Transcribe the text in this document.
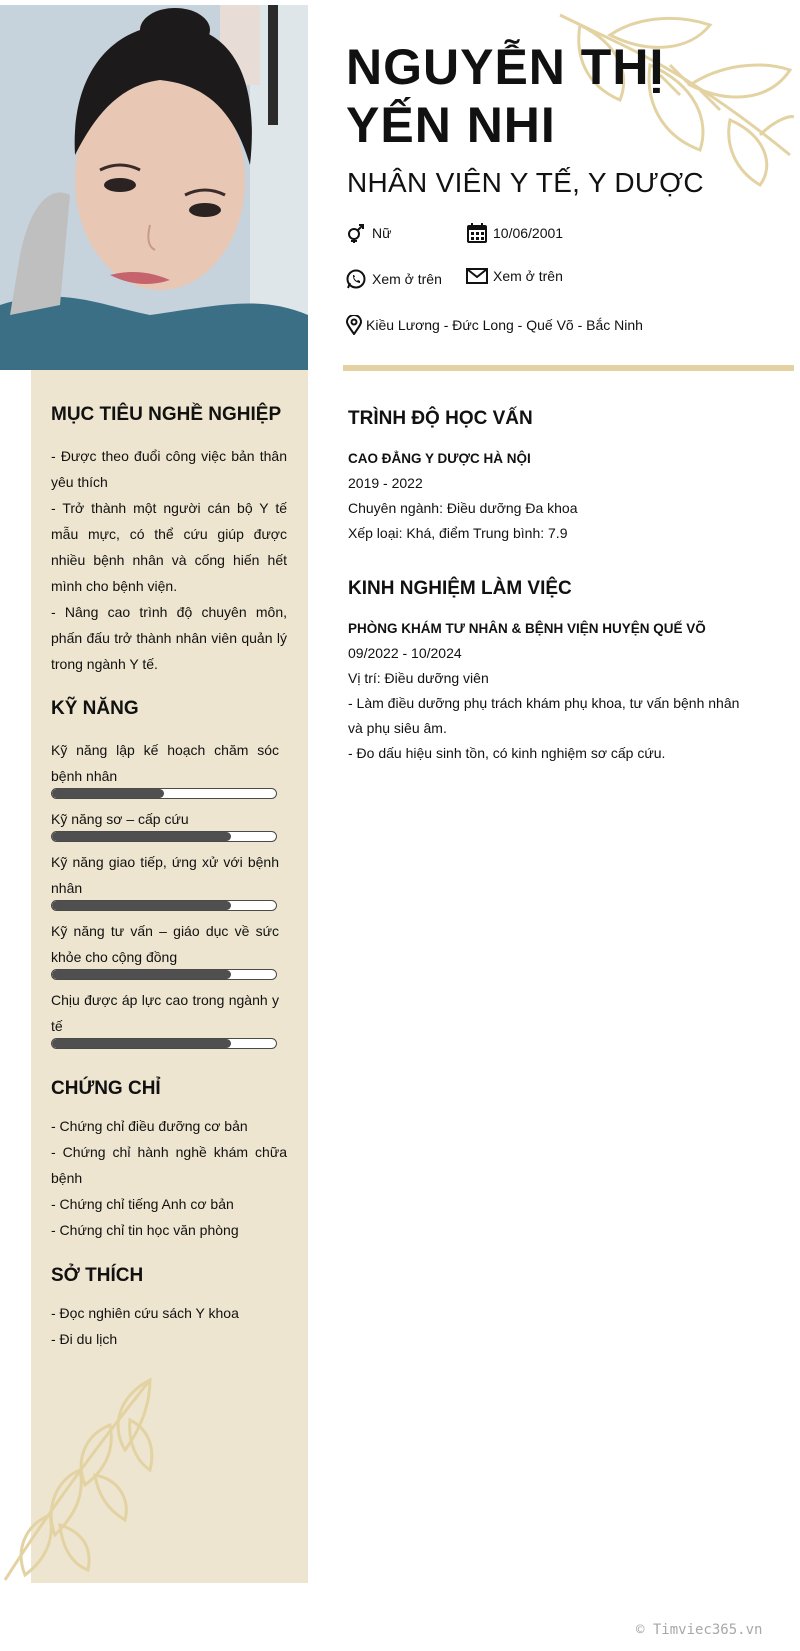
NGUYỄN THỊ
YẾN NHI
NHÂN VIÊN Y TẾ, Y DƯỢC
Nữ	10/06/2001
Xem ở trên	Xem ở trên
Kiều Lương - Đức Long - Quế Võ - Bắc Ninh
MỤC TIÊU NGHỀ NGHIỆP
- Được theo đuổi công việc bản thân yêu thích
- Trở thành một người cán bộ Y tế mẫu mực, có thể cứu giúp được nhiều bệnh nhân và cống hiến hết mình cho bệnh viện.
- Nâng cao trình độ chuyên môn, phấn đấu trở thành nhân viên quản lý trong ngành Y tế.
KỸ NĂNG
Kỹ năng lập kế hoạch chăm sóc bệnh nhân
Kỹ năng sơ – cấp cứu
Kỹ năng giao tiếp, ứng xử với bệnh nhân
Kỹ năng tư vấn – giáo dục về sức khỏe cho cộng đồng
Chịu được áp lực cao trong ngành y tế
CHỨNG CHỈ
- Chứng chỉ điều đưỡng cơ bản
- Chứng chỉ hành nghề khám chữa bệnh
- Chứng chỉ tiếng Anh cơ bản
- Chứng chỉ tin học văn phòng
SỞ THÍCH
- Đọc nghiên cứu sách Y khoa
- Đi du lịch
TRÌNH ĐỘ HỌC VẤN
CAO ĐẲNG Y DƯỢC HÀ NỘI
2019 - 2022
Chuyên ngành: Điều dưỡng Đa khoa
Xếp loại: Khá, điểm Trung bình: 7.9
KINH NGHIỆM LÀM VIỆC
PHÒNG KHÁM TƯ NHÂN & BỆNH VIỆN HUYỆN QUẾ VÕ
09/2022 - 10/2024
Vị trí: Điều dưỡng viên
- Làm điều dưỡng phụ trách khám phụ khoa, tư vấn bệnh nhân và phụ siêu âm.
- Đo dấu hiệu sinh tồn, có kinh nghiệm sơ cấp cứu.
© Timviec365.vn
